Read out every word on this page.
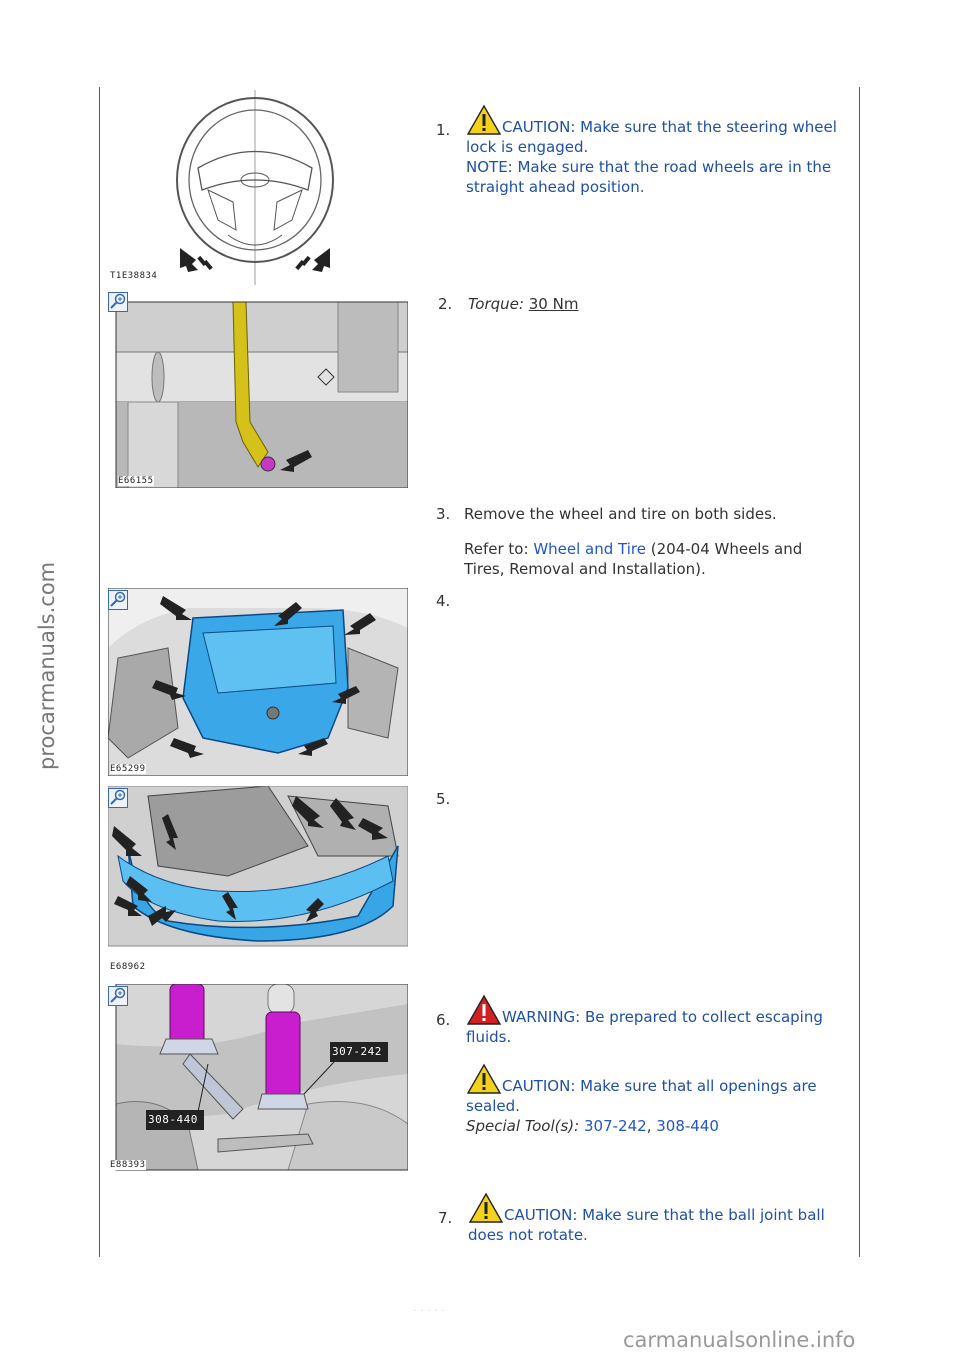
procarmanuals.com
carmanualsonline.info
· · · · ·
T1E38834
1.	CAUTION: Make sure that the steering wheel lock is engaged.
NOTE: Make sure that the road wheels are in the straight ahead position.
E66155
2. Torque: 30 Nm
3. Remove the wheel and tire on both sides.
Refer to: Wheel and Tire (204-04 Wheels and Tires, Removal and Installation).
E65299
4.
E68962
5.
307-242
308-440
E88393
6.	WARNING: Be prepared to collect escaping fluids.
CAUTION: Make sure that all openings are sealed.
Special Tool(s): 307-242, 308-440
7.	CAUTION: Make sure that the ball joint ball does not rotate.
